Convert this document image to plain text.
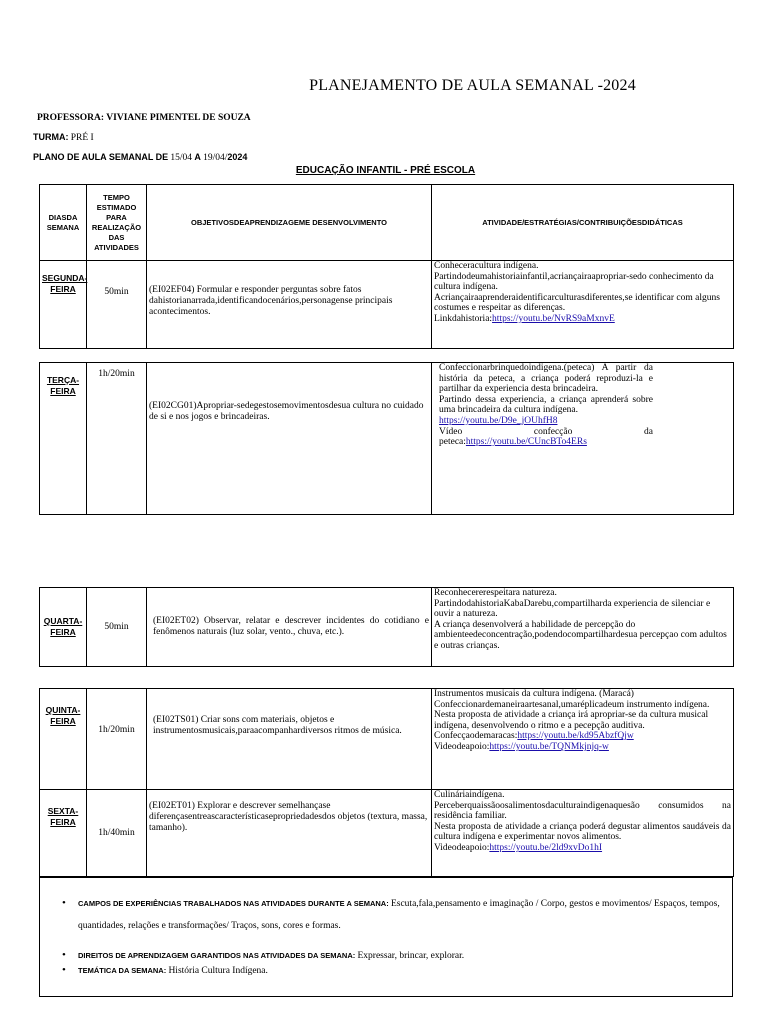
PLANEJAMENTO DE AULA SEMANAL -2024
PROFESSORA: VIVIANE PIMENTEL DE SOUZA
TURMA: PRÉ I
PLANO DE AULA SEMANAL DE 15/04 A 19/04/2024
EDUCAÇÃO INFANTIL - PRÉ ESCOLA
DIASDA SEMANA	TEMPO ESTIMADO PARA REALIZAÇÃO DAS ATIVIDADES	OBJETIVOSDEAPRENDIZAGEME DESENVOLVIMENTO	ATIVIDADE/ESTRATÉGIAS/CONTRIBUIÇÕESDIDÁTICAS
SEGUNDA-FEIRA	50min	(EI02EF04) Formular e responder perguntas sobre fatos dahistorianarrada,identificandocenários,personagense principais acontecimentos.	Conheceracultura indígena.
Partindodeumahistoriainfantil,acriançairaapropriar-sedo conhecimento da cultura indígena.
Acriançairaaprenderaidentificarculturasdiferentes,se identificar com alguns costumes e respeitar as diferenças.
Linkdahistoria:https://youtu.be/NvRS9aMxnvE
TERÇA-FEIRA	1h/20min	(EI02CG01)Apropriar-sedegestosemovimentosdesua cultura no cuidado de si e nos jogos e brincadeiras.	
Confeccionarbrinquedoindigena.(peteca) A partir da história da peteca, a criança poderá reproduzi-la e partilhar da experiencia desta brincadeira.
Partindo dessa experiencia, a criança aprenderá sobre uma brincadeira da cultura indígena.
https://youtu.be/D9e_jOUhfH8
Vídeo confecção da peteca:https://youtu.be/CUncBTo4ERs
QUARTA-FEIRA	50min	(EI02ET02) Observar, relatar e descrever incidentes do cotidiano e fenômenos naturais (luz solar, vento., chuva, etc.).	
Reconhecererespeitara natureza.
PartindodahistoriaKabaDarebu,compartilharda experiencia de silenciar e ouvir a natureza.
A criança desenvolverá a habilidade de percepção do ambienteedeconcentração,podendocompartilhardesua percepçao com adultos e outras crianças.
QUINTA-FEIRA	1h/20min	(EI02TS01) Criar sons com materiais, objetos e instrumentosmusicais,paraacompanhardiversos ritmos de música.	Instrumentos musicais da cultura indígena. (Maracá)
Confeccionardemaneiraartesanal,umaréplicadeum instrumento indígena.
Nesta proposta de atividade a criança irá apropriar-se da cultura musical indígena, desenvolvendo o ritmo e a pecepção auditiva.
Confecçaodemaracas:https://youtu.be/kd95AbzfQjw
Videodeapoio:https://youtu.be/TQNMkjnjq-w

SEXTA-FEIRA	1h/40min	(EI02ET01) Explorar e descrever semelhançase diferençasentreascaracterísticasepropriedadesdos objetos (textura, massa, tamanho).	Culináriaindígena.
Perceberquaissãoosalimentosdaculturaindigenaquesão consumidos na residência familiar.
Nesta proposta de atividade a criança poderá degustar alimentos saudáveis da cultura indígena e experimentar novos alimentos.
Videodeapoio:https://youtu.be/2ld9xvDo1hI
• CAMPOS DE EXPERIÊNCIAS TRABALHADOS NAS ATIVIDADES DURANTE A SEMANA: Escuta,fala,pensamento e imaginação / Corpo, gestos e movimentos/ Espaços, tempos, quantidades, relações e transformações/ Traços, sons, cores e formas.
• DIREITOS DE APRENDIZAGEM GARANTIDOS NAS ATIVIDADES DA SEMANA: Expressar, brincar, explorar.
• TEMÁTICA DA SEMANA: História Cultura Indígena.
